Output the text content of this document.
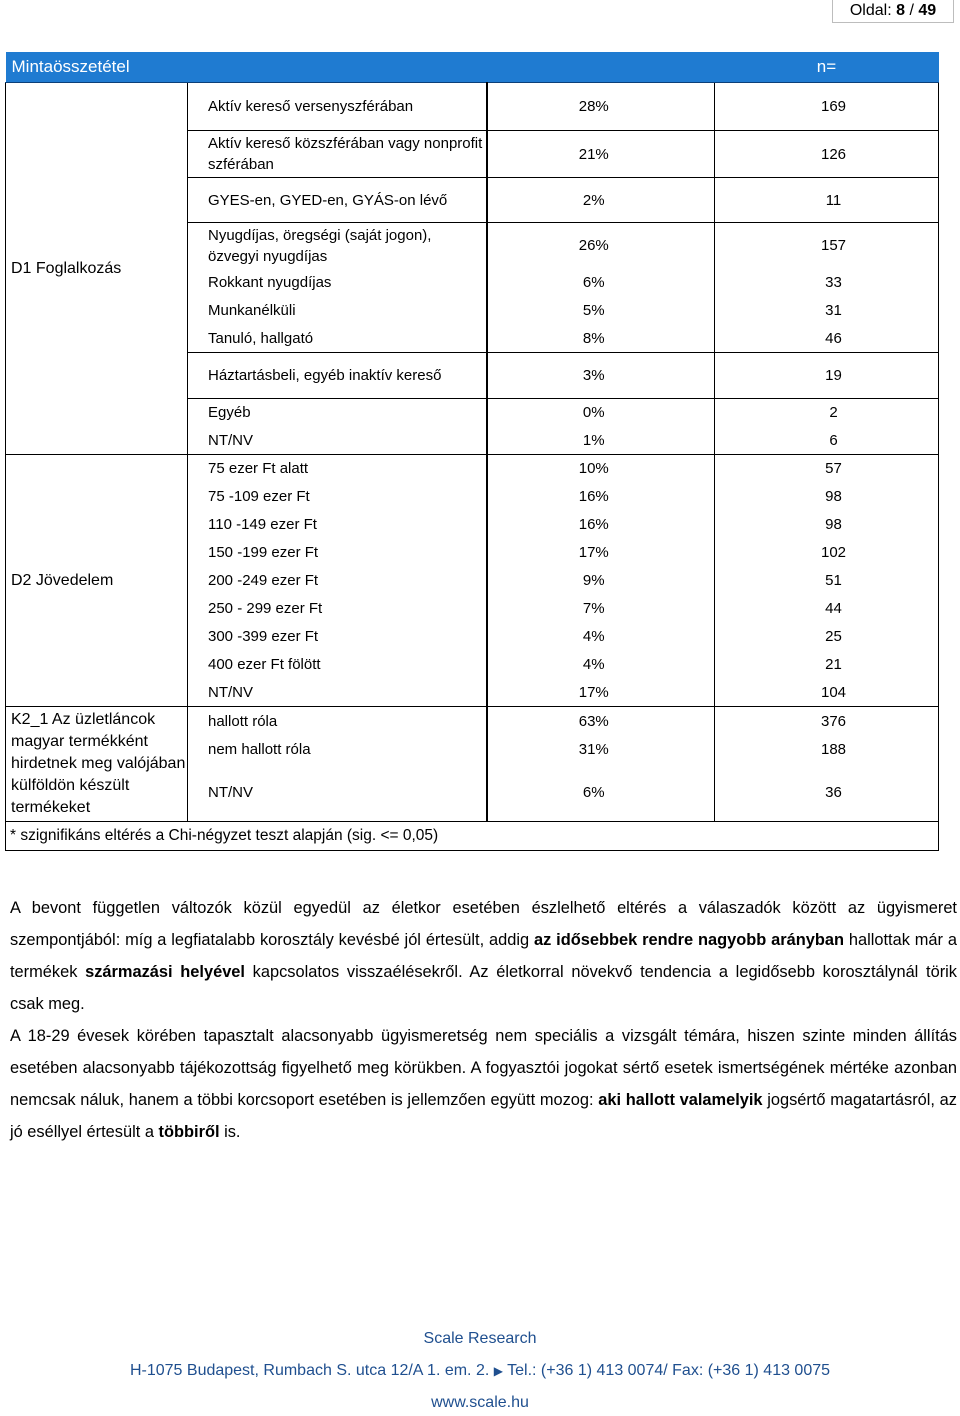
Oldal: 8 / 49
Mintaösszetétel			n=
D1 Foglalkozás	Aktív kereső versenyszférában	28%	169
	Aktív kereső közszférában vagy nonprofit szférában	21%	126
	GYES-en, GYED-en, GYÁS-on lévő	2%	11
	Nyugdíjas, öregségi (saját jogon), özvegyi nyugdíjas	26%	157
	Rokkant nyugdíjas	6%	33
	Munkanélküli	5%	31
	Tanuló, hallgató	8%	46
	Háztartásbeli, egyéb inaktív kereső	3%	19
	Egyéb	0%	2
	NT/NV	1%	6
D2 Jövedelem	75 ezer Ft alatt	10%	57
	75 -109 ezer Ft	16%	98
	110 -149 ezer Ft	16%	98
	150 -199 ezer Ft	17%	102
	200 -249 ezer Ft	9%	51
	250 - 299 ezer Ft	7%	44
	300 -399 ezer Ft	4%	25
	400 ezer Ft fölött	4%	21
	NT/NV	17%	104
K2_1 Az üzletláncok magyar termékként hirdetnek meg valójában külföldön készült termékeket	hallott róla	63%	376
	nem hallott róla	31%	188
	NT/NV	6%	36
* szignifikáns eltérés a Chi-négyzet teszt alapján (sig. <= 0,05)			

A bevont független változók közül egyedül az életkor esetében észlelhető eltérés a válaszadók között az ügyismeret szempontjából: míg a legfiatalabb korosztály kevésbé jól értesült, addig az idősebbek rendre nagyobb arányban hallottak már a termékek származási helyével kapcsolatos visszaélésekről. Az életkorral növekvő tendencia a legidősebb korosztálynál törik csak meg.

A 18-29 évesek körében tapasztalt alacsonyabb ügyismeretség nem speciális a vizsgált témára, hiszen szinte minden állítás esetében alacsonyabb tájékozottság figyelhető meg körükben. A fogyasztói jogokat sértő esetek ismertségének mértéke azonban nemcsak náluk, hanem a többi korcsoport esetében is jellemzően együtt mozog: aki hallott valamelyik jogsértő magatartásról, az jó eséllyel értesült a többiről is.

Scale Research
H-1075 Budapest, Rumbach S. utca 12/A 1. em. 2. ▶ Tel.: (+36 1) 413 0074/ Fax: (+36 1) 413 0075
www.scale.hu
